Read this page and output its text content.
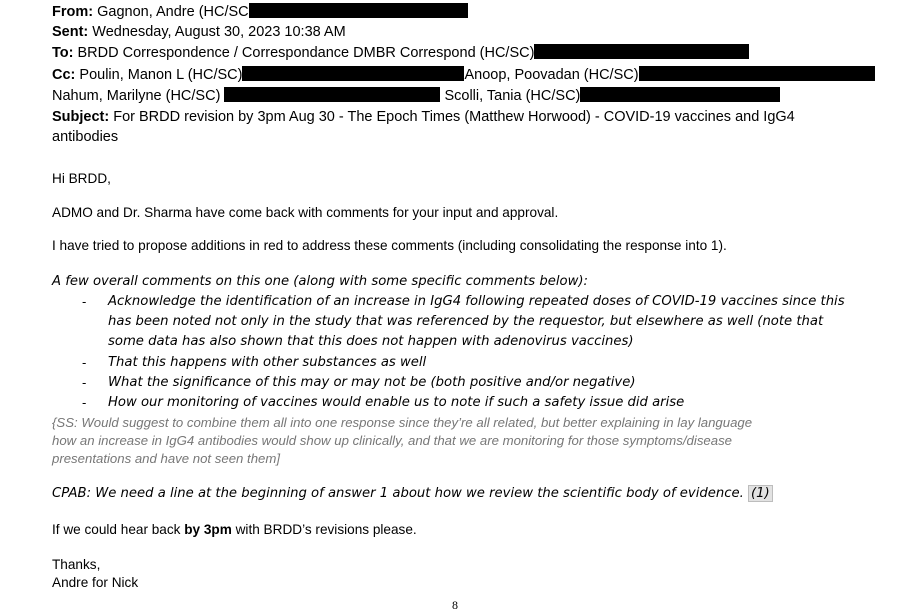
From: Gagnon, Andre (HC/SC
Sent: Wednesday, August 30, 2023 10:38 AM
To: BRDD Correspondence / Correspondance DMBR Correspond (HC/SC)
Cc: Poulin, Manon L (HC/SC)	Anoop, Poovadan (HC/SC)
Nahum, Marilyne (HC/SC)	Scolli, Tania (HC/SC)
Subject: For BRDD revision by 3pm Aug 30 - The Epoch Times (Matthew Horwood) - COVID-19 vaccines and IgG4
antibodies
Hi BRDD,
ADMO and Dr. Sharma have come back with comments for your input and approval.
I have tried to propose additions in red to address these comments (including consolidating the response into 1).
A few overall comments on this one (along with some specific comments below):
- Acknowledge the identification of an increase in IgG4 following repeated doses of COVID-19 vaccines since this
has been noted not only in the study that was referenced by the requestor, but elsewhere as well (note that
some data has also shown that this does not happen with adenovirus vaccines)
- That this happens with other substances as well
- What the significance of this may or may not be (both positive and/or negative)
- How our monitoring of vaccines would enable us to note if such a safety issue did arise
{SS: Would suggest to combine them all into one response since they’re all related, but better explaining in lay language
how an increase in IgG4 antibodies would show up clinically, and that we are monitoring for those symptoms/disease
presentations and have not seen them]
CPAB: We need a line at the beginning of answer 1 about how we review the scientific body of evidence. (1)
If we could hear back by 3pm with BRDD’s revisions please.
Thanks,
Andre for Nick
8
